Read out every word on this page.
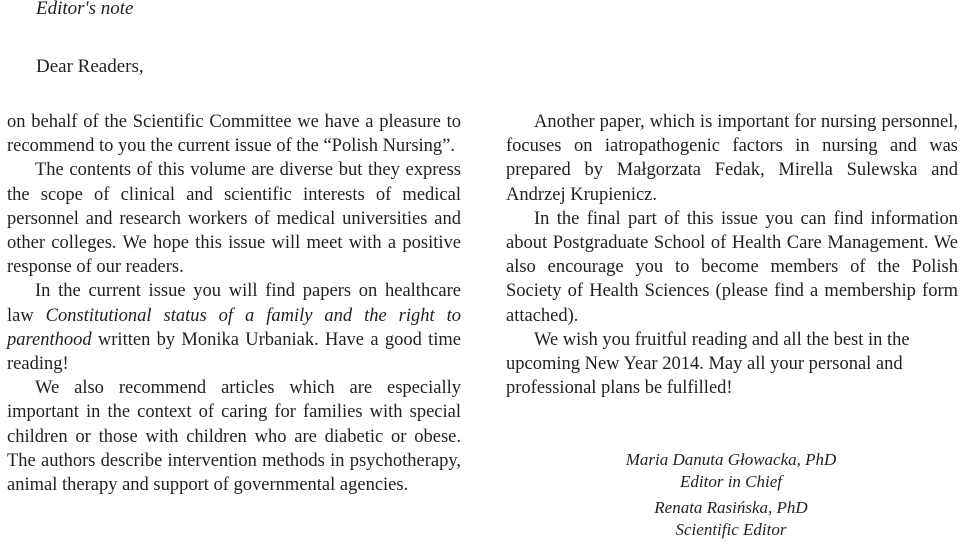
Editor's note
Dear Readers,

on behalf of the Scientific Committee we have a pleasure to recommend to you the current issue of the “Polish Nursing”.

The contents of this volume are diverse but they express the scope of clinical and scientific interests of medical personnel and research workers of medical universities and other colleges. We hope this issue will meet with a positive response of our readers.

In the current issue you will find papers on healthcare law Constitutional status of a family and the right to parenthood written by Monika Urbaniak. Have a good time reading!

We also recommend articles which are especially important in the context of caring for families with special children or those with children who are diabetic or obese. The authors describe intervention methods in psychotherapy, animal therapy and support of governmental agencies.

Another paper, which is important for nursing personnel, focuses on iatropathogenic factors in nursing and was prepared by Małgorzata Fedak, Mirella Sulewska and Andrzej Krupienicz.

In the final part of this issue you can find information about Postgraduate School of Health Care Management. We also encourage you to become members of the Polish Society of Health Sciences (please find a membership form attached).

We wish you fruitful reading and all the best in the upcoming New Year 2014. May all your personal and professional plans be fulfilled!

Maria Danuta Głowacka, PhD
Editor in Chief
Renata Rasińska, PhD
Scientific Editor
